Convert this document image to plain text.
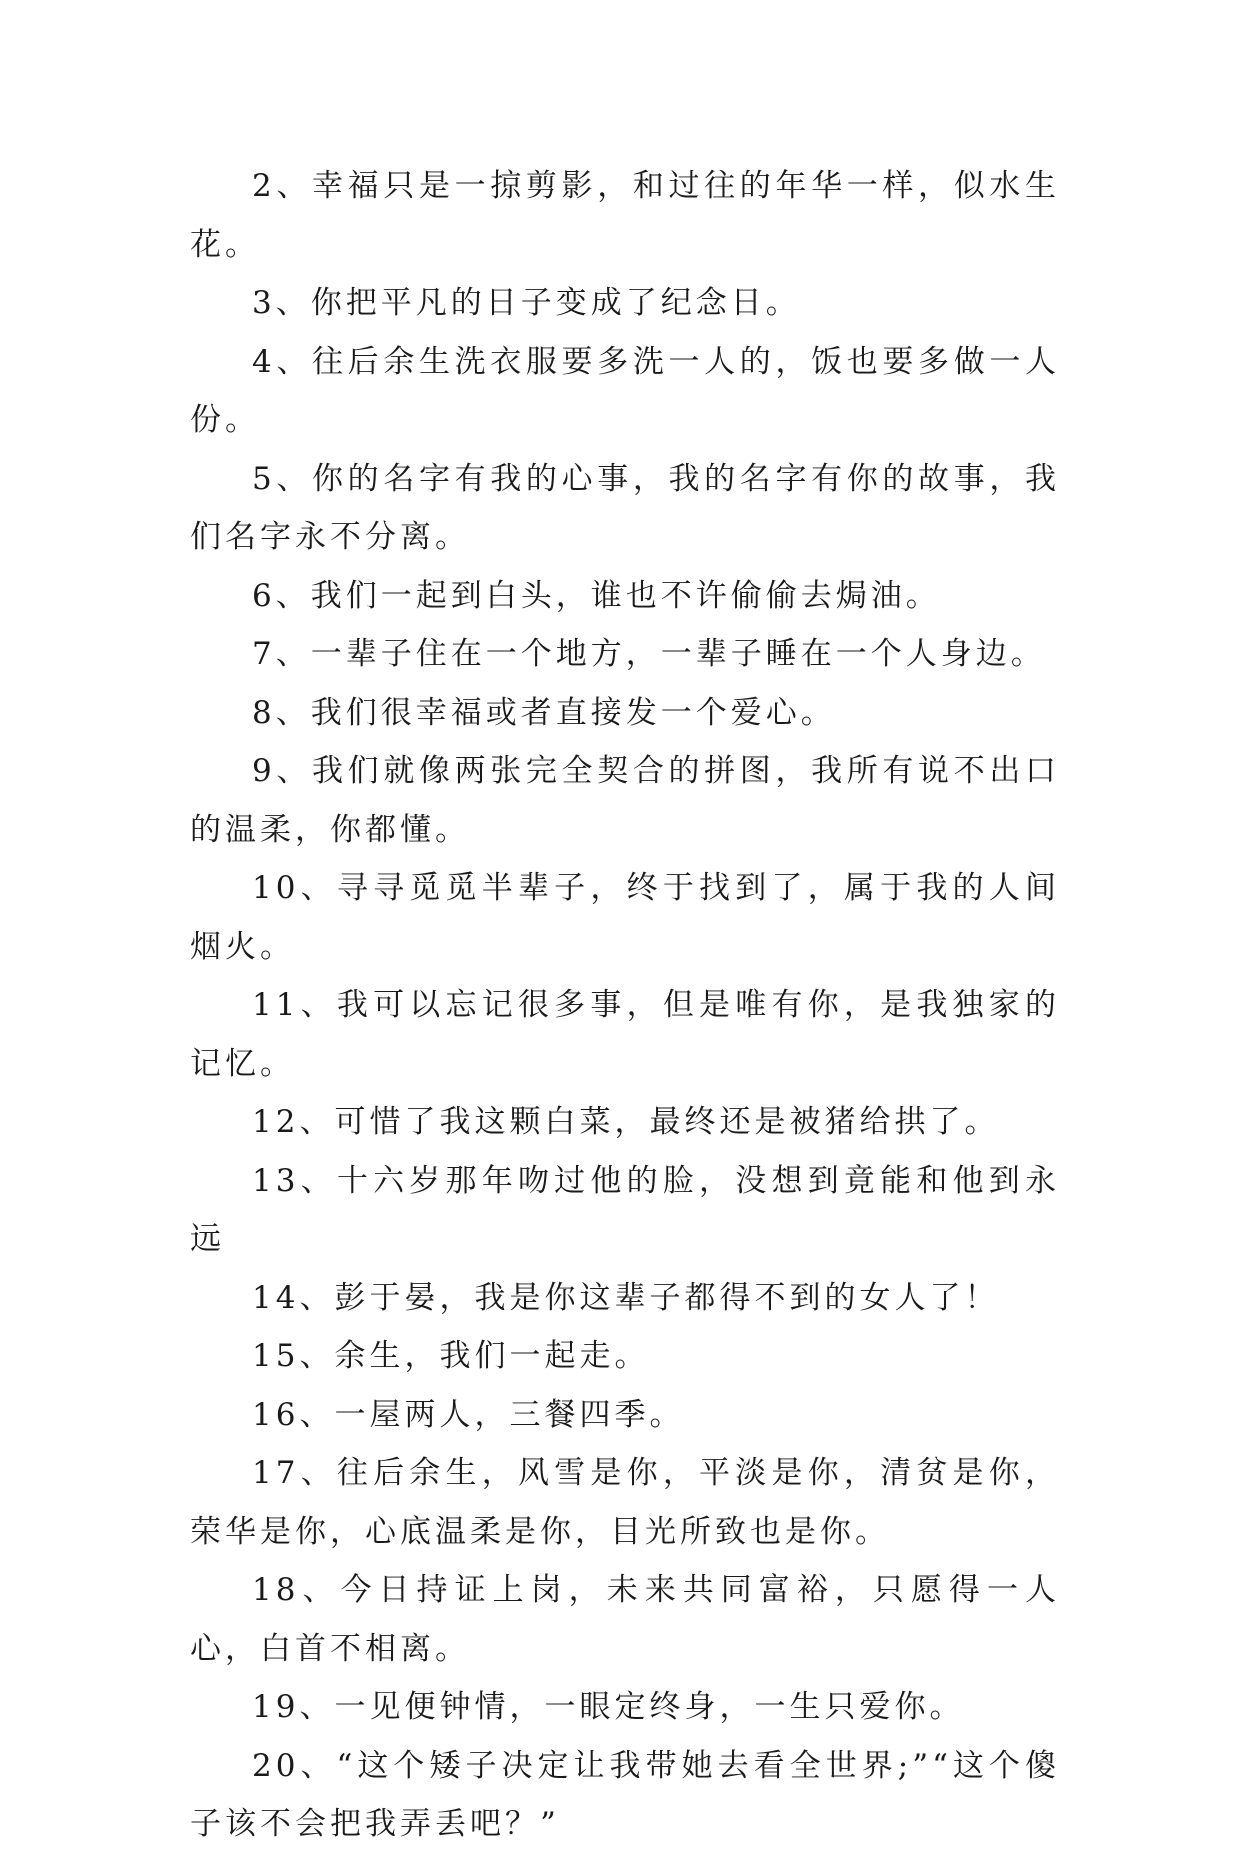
2、幸福只是一掠剪影，和过往的年华一样，似水生花。

3、你把平凡的日子变成了纪念日。

4、往后余生洗衣服要多洗一人的，饭也要多做一人份。

5、你的名字有我的心事，我的名字有你的故事，我们名字永不分离。

6、我们一起到白头，谁也不许偷偷去焗油。

7、一辈子住在一个地方，一辈子睡在一个人身边。

8、我们很幸福或者直接发一个爱心。

9、我们就像两张完全契合的拼图，我所有说不出口的温柔，你都懂。

10、寻寻觅觅半辈子，终于找到了，属于我的人间烟火。

11、我可以忘记很多事，但是唯有你，是我独家的记忆。

12、可惜了我这颗白菜，最终还是被猪给拱了。

13、十六岁那年吻过他的脸，没想到竟能和他到永远

14、彭于晏，我是你这辈子都得不到的女人了！

15、余生，我们一起走。

16、一屋两人，三餐四季。

17、往后余生，风雪是你，平淡是你，清贫是你，荣华是你，心底温柔是你，目光所致也是你。

18、今日持证上岗，未来共同富裕，只愿得一人心，白首不相离。

19、一见便钟情，一眼定终身，一生只爱你。

20、“这个矮子决定让我带她去看全世界;”“这个傻子该不会把我弄丢吧？”
